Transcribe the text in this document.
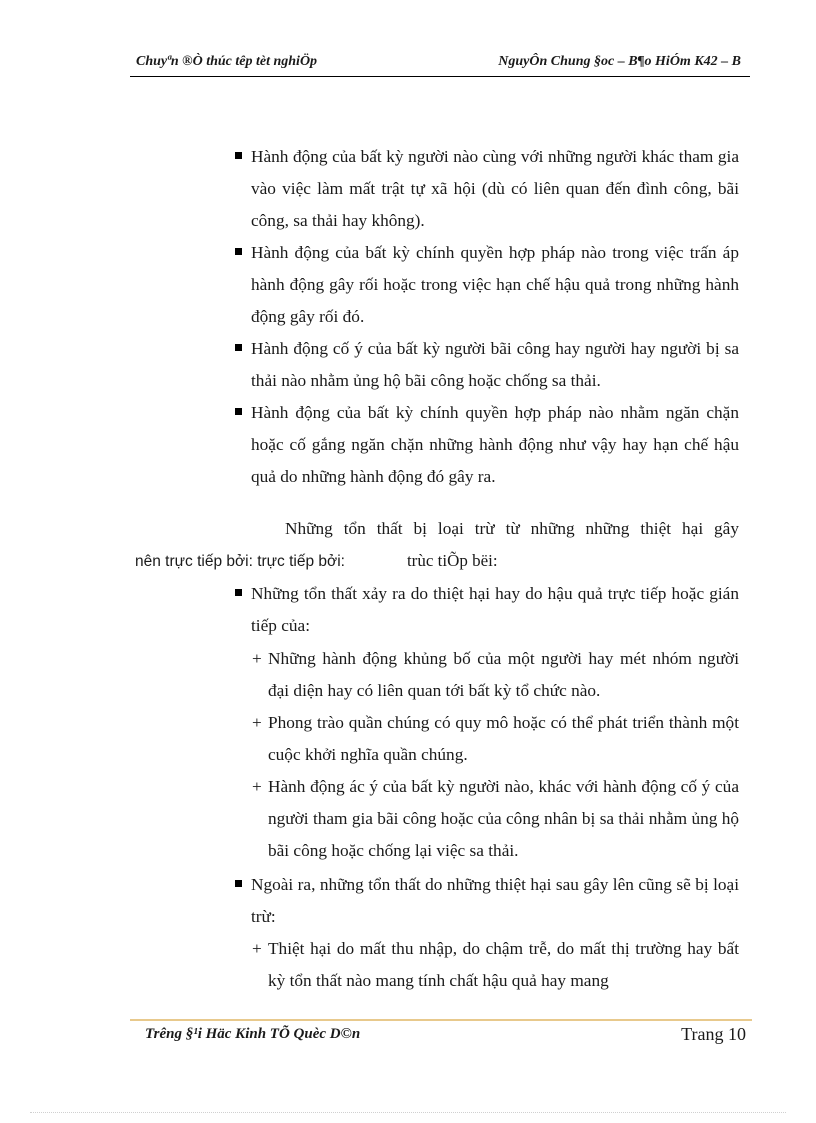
Chuyªn ®Ò thúc têp tèt nghiÖp	NguyÔn Chung §oc – B¶o HiÓm K42 – B
Hành động của bất kỳ người nào cùng với những người khác tham gia vào việc làm mất trật tự xã hội (dù có liên quan đến đình công, bãi công, sa thải hay không).
Hành động của bất kỳ chính quyền hợp pháp nào trong việc trấn áp hành động gây rối hoặc trong việc hạn chế hậu quả trong những hành động gây rối đó.
Hành động cố ý của bất kỳ người bãi công hay người hay người bị sa thải nào nhằm ủng hộ bãi công hoặc chống sa thải.
Hành động của bất kỳ chính quyền hợp pháp nào nhằm ngăn chặn hoặc cố gắng ngăn chặn những hành động như vậy hay hạn chế hậu quả do những hành động đó gây ra.
Những tổn thất bị loại trừ từ những những thiệt hại gây
nên trực tiếp bởi: trực tiếp bởi:	trùc tiÕp bëi:
Những tổn thất xảy ra do thiệt hại hay do hậu quả trực tiếp hoặc gián tiếp của:
+ Những hành động khủng bố của một người hay mét nhóm người đại diện hay có liên quan tới bất kỳ tổ chức nào.
+ Phong trào quần chúng có quy mô hoặc có thể phát triển thành một cuộc khởi nghĩa quần chúng.
+ Hành động ác ý của bất kỳ người nào, khác với hành động cố ý của người tham gia bãi công hoặc của công nhân bị sa thải nhằm ủng hộ bãi công hoặc chống lại việc sa thải.
Ngoài ra, những tổn thất do những thiệt hại sau gây lên cũng sẽ bị loại trừ:
+ Thiệt hại do mất thu nhập, do chậm trễ, do mất thị trường hay bất kỳ tổn thất nào mang tính chất hậu quả hay mang
Trêng §¹i Häc Kinh TÕ Quèc D©n	Trang 10
